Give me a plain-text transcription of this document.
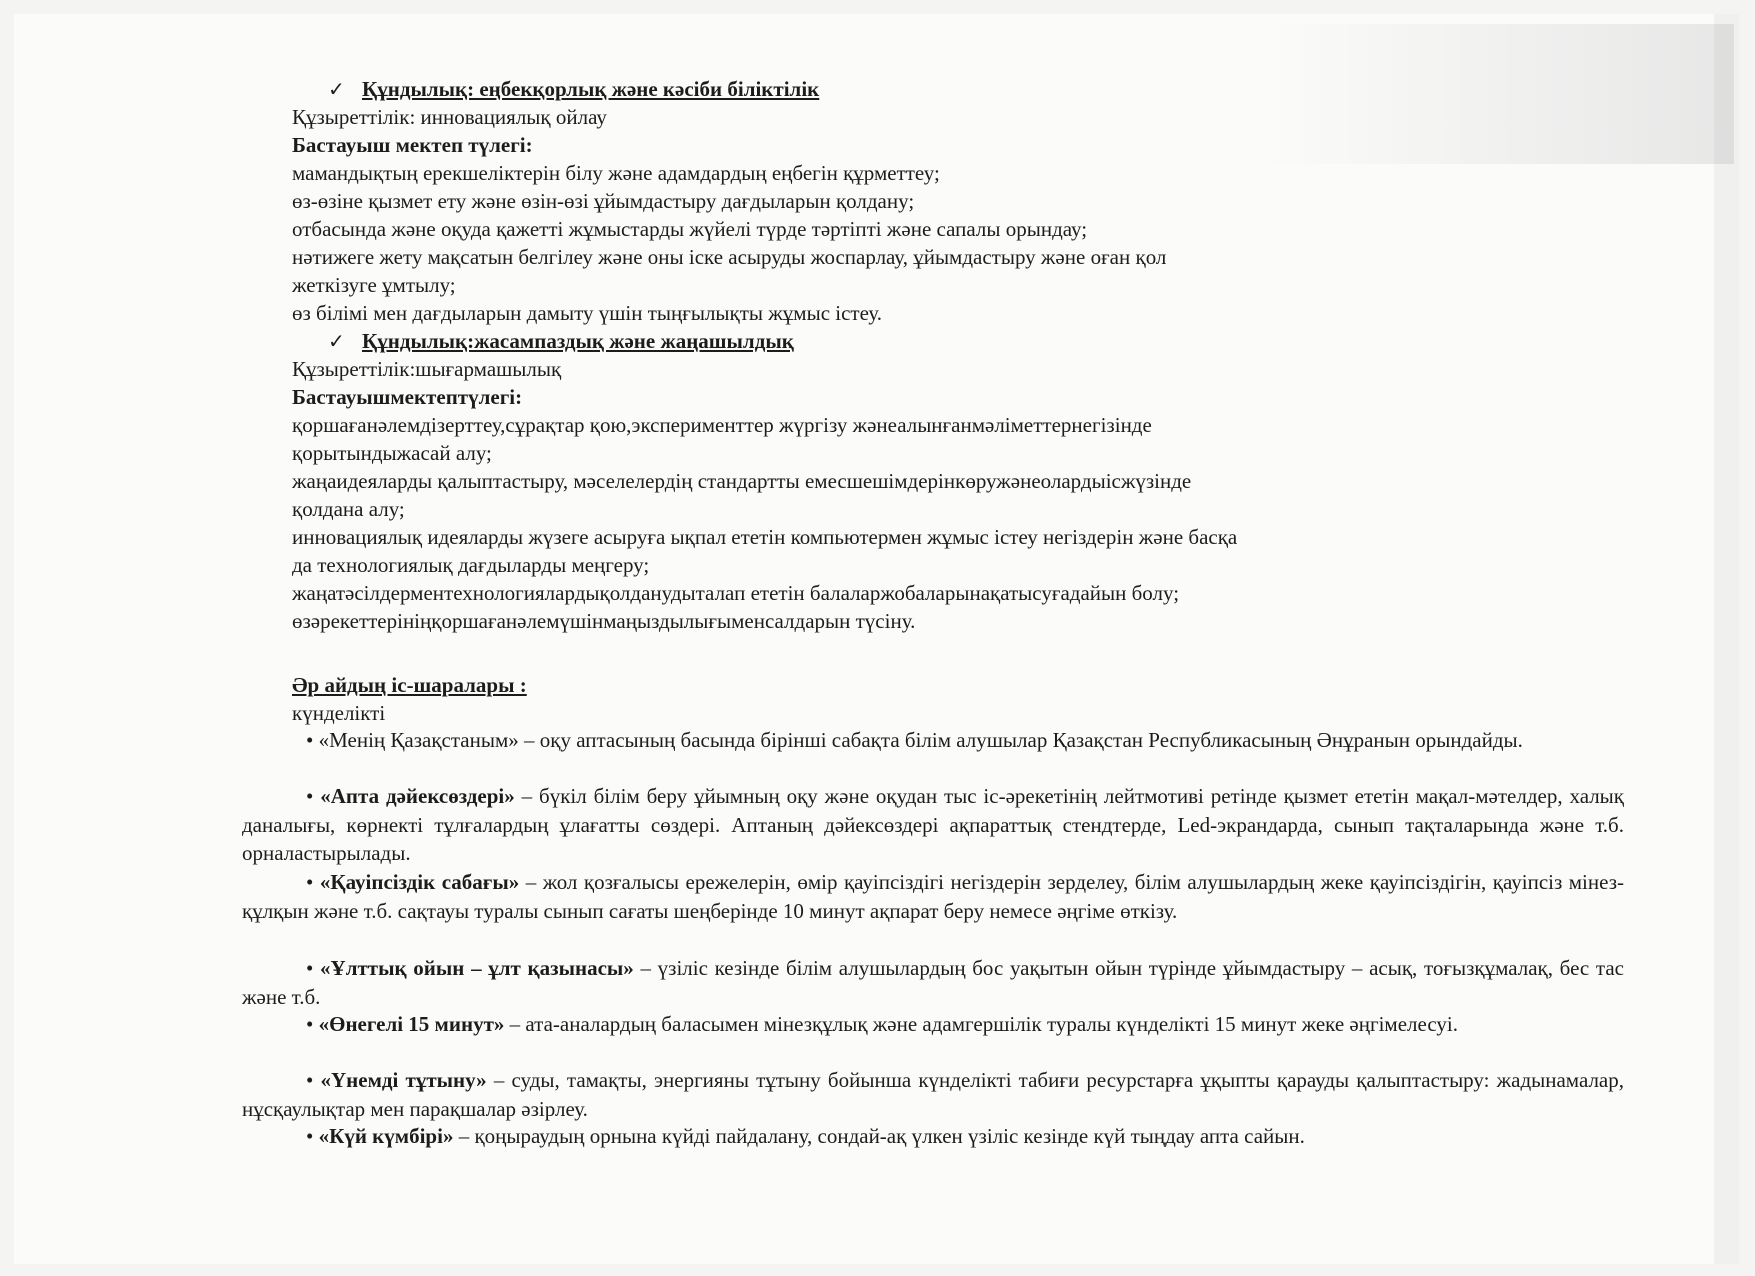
✓ Құндылық: еңбекқорлық және кәсіби біліктілік
Құзыреттілік: инновациялық ойлау
Бастауыш мектеп түлегі:
мамандықтың ерекшеліктерін білу және адамдардың еңбегін құрметтеу;
өз-өзіне қызмет ету және өзін-өзі ұйымдастыру дағдыларын қолдану;
отбасында және оқуда қажетті жұмыстарды жүйелі түрде тәртіпті және сапалы орындау;
нәтижеге жету мақсатын белгілеу және оны іске асыруды жоспарлау, ұйымдастыру және оған қол
жеткізуге ұмтылу;
өз білімі мен дағдыларын дамыту үшін тыңғылықты жұмыс істеу.
✓ Құндылық:жасампаздық және жаңашылдық
Құзыреттілік:шығармашылық
Бастауышмектептүлегі:
қоршағанәлемдізерттеу,сұрақтар қою,эксперименттер жүргізу жәнеалынғанмәліметтернегізінде
қорытындыжасай алу;
жаңаидеяларды қалыптастыру, мәселелердің стандартты емесшешімдерінкөружәнеолардыісжүзінде
қолдана алу;
инновациялық идеяларды жүзеге асыруға ықпал ететін компьютермен жұмыс істеу негіздерін және басқа
да технологиялық дағдыларды меңгеру;
жаңатәсілдерментехнологиялардықолданудыталап ететін балаларжобаларынақатысуғадайын болу;
өзәрекеттерініңқоршағанәлемүшінмаңыздылығыменсалдарын түсіну.
Әр айдың іс-шаралары :
күнделікті
• «Менің Қазақстаным» – оқу аптасының басында бірінші сабақта білім алушылар Қазақстан Республикасының Әнұранын орындайды.
• «Апта дәйексөздері» – бүкіл білім беру ұйымның оқу және оқудан тыс іс-әрекетінің лейтмотиві ретінде қызмет ететін мақал-мәтелдер, халық даналығы, көрнекті тұлғалардың ұлағатты сөздері. Аптаның дәйексөздері ақпараттық стендтерде, Led-экрандарда, сынып тақталарында және т.б. орналастырылады.
• «Қауіпсіздік сабағы» – жол қозғалысы ережелерін, өмір қауіпсіздігі негіздерін зерделеу, білім алушылардың жеке қауіпсіздігін, қауіпсіз мінез-құлқын және т.б. сақтауы туралы сынып сағаты шеңберінде 10 минут ақпарат беру немесе әңгіме өткізу.
• «Ұлттық ойын – ұлт қазынасы» – үзіліс кезінде білім алушылардың бос уақытын ойын түрінде ұйымдастыру – асық, тоғызқұмалақ, бес тас және т.б.
• «Өнегелі 15 минут» – ата-аналардың баласымен мінезқұлық және адамгершілік туралы күнделікті 15 минут жеке әңгімелесуі.
• «Үнемді тұтыну» – суды, тамақты, энергияны тұтыну бойынша күнделікті табиғи ресурстарға ұқыпты қарауды қалыптастыру: жадынамалар, нұсқаулықтар мен парақшалар әзірлеу.
• «Күй күмбірі» – қоңыраудың орнына күйді пайдалану, сондай-ақ үлкен үзіліс кезінде күй тыңдау апта сайын.
